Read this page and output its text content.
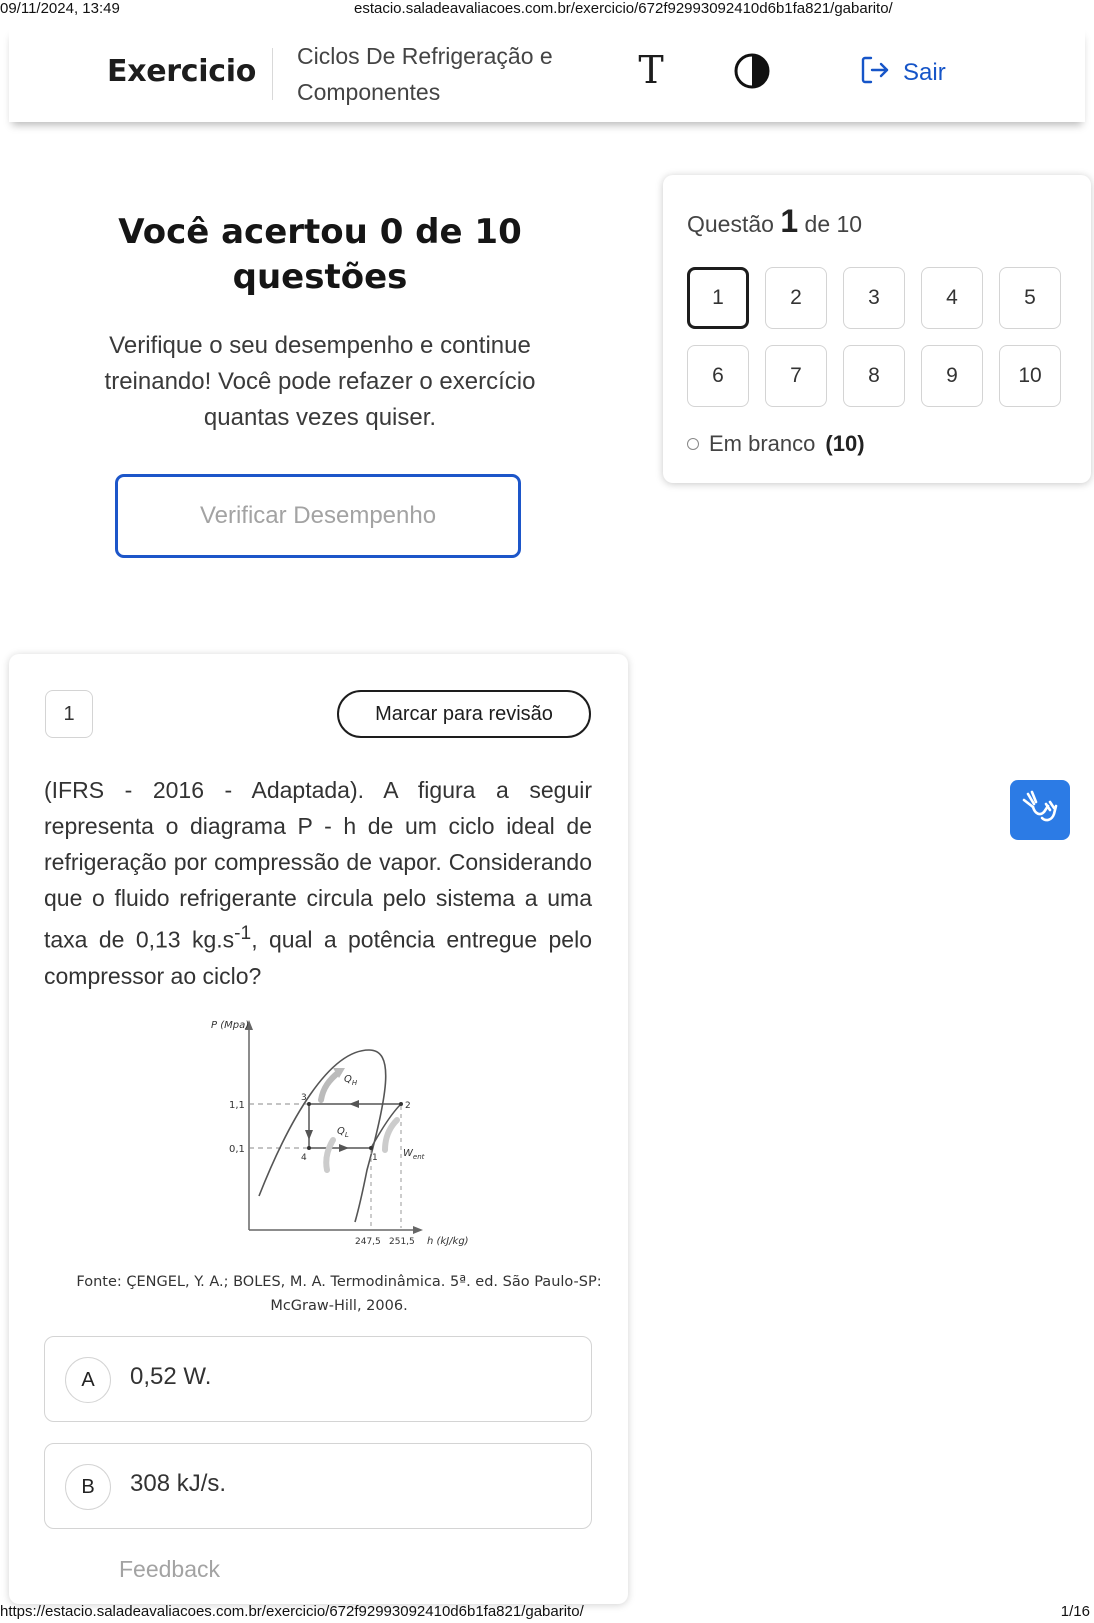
09/11/2024, 13:49	estacio.saladeavaliacoes.com.br/exercicio/672f92993092410d6b1fa821/gabarito/
Exercicio Ciclos De Refrigeração e Componentes	T	Sair
Você acertou 0 de 10 questões

Verifique o seu desempenho e continue treinando! Você pode refazer o exercício quantas vezes quiser.

Verificar Desempenho
Questão 1 de 10
1	2	3	4	5
6	7	8	9	10
Em branco (10)
1	Marcar para revisão
(IFRS - 2016 - Adaptada). A figura a seguir representa o diagrama P - h de um ciclo ideal de refrigeração por compressão de vapor. Considerando que o fluido refrigerante circula pelo sistema a uma taxa de 0,13 $kg.s^{-1}$, qual a potência entregue pelo compressor ao ciclo?
P (Mpa)
h (kJ/kg)
1,1
0,1
3
2
4	1
$Q_H$
$Q_L$
$W_{ent}$
247,5 251,5
Fonte: ÇENGEL, Y. A.; BOLES, M. A. Termodinâmica. 5ª. ed. São Paulo-SP: McGraw-Hill, 2006.
A	0,52 W.
B	308 kJ/s.
Feedback
https://estacio.saladeavaliacoes.com.br/exercicio/672f92993092410d6b1fa821/gabarito/	1/16
